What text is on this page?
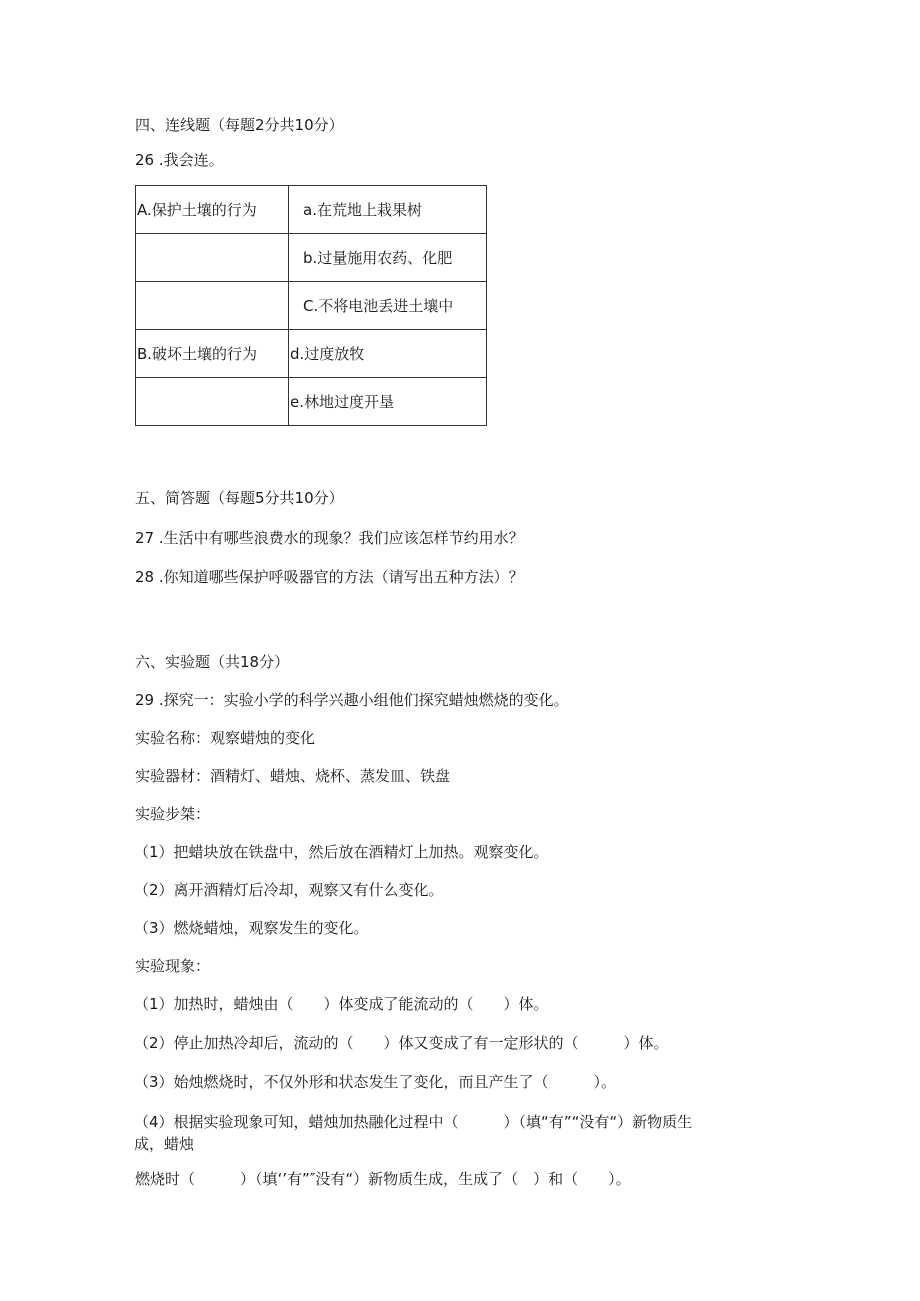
四、连线题（每题2分共10分）
26 .我会连。
A.保护土壤的行为	a.在荒地上栽果树
	b.过量施用农药、化肥
	C.不将电池丢进土壤中
B.破坏土壤的行为	d.过度放牧
	e.林地过度开垦
五、简答题（每题5分共10分）
27 .生活中有哪些浪费水的现象？我们应该怎样节约用水？
28 .你知道哪些保护呼吸器官的方法（请写出五种方法）？
六、实验题（共18分）
29 .探究一：实验小学的科学兴趣小组他们探究蜡烛燃烧的变化。
实验名称：观察蜡烛的变化
实验器材：酒精灯、蜡烛、烧杯、蒸发皿、铁盘
实验步桀：
（1）把蜡块放在铁盘中，然后放在酒精灯上加热。观察变化。
（2）离开酒精灯后冷却，观察又有什么变化。
（3）燃烧蜡烛，观察发生的变化。
实验现象：
（1）加热时，蜡烛由（　　）体变成了能流动的（　　）体。
（2）停止加热冷却后，流动的（　　）体又变成了有一定形状的（　　　）体。
（3）始烛燃烧时，不仅外形和状态发生了变化，而且产生了（　　　）。
（4）根据实验现象可知，蜡烛加热融化过程中（　　　）（填“有”“没有“）新物质生
成，蜡烛
燃烧时（　　　）（填‘’有”″没有“）新物质生成，生成了（　）和（　　）。
